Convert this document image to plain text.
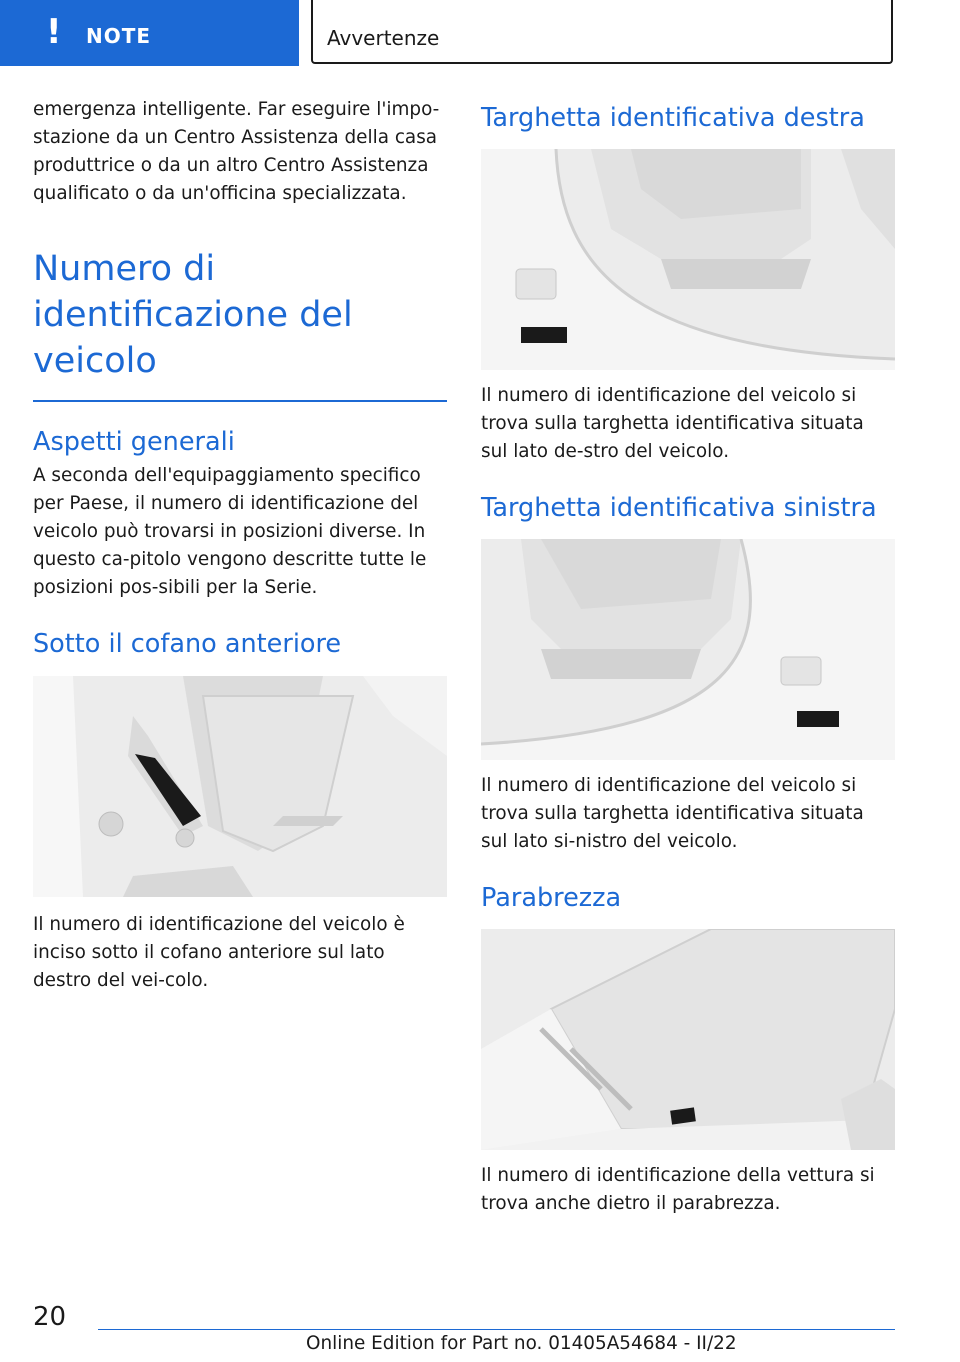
! NOTE	Avvertenze

emergenza intelligente. Far eseguire l'impo-stazione da un Centro Assistenza della casa produttrice o da un altro Centro Assistenza qualificato o da un'officina specializzata.

Numero di identificazione del veicolo
Aspetti generali

A seconda dell'equipaggiamento specifico per Paese, il numero di identificazione del veicolo può trovarsi in posizioni diverse. In questo ca-pitolo vengono descritte tutte le posizioni pos-sibili per la Serie.

Sotto il cofano anteriore

Il numero di identificazione del veicolo è inciso sotto il cofano anteriore sul lato destro del vei-colo.

Targhetta identificativa destra

Il numero di identificazione del veicolo si trova sulla targhetta identificativa situata sul lato de-stro del veicolo.

Targhetta identificativa sinistra

Il numero di identificazione del veicolo si trova sulla targhetta identificativa situata sul lato si-nistro del veicolo.

Parabrezza

Il numero di identificazione della vettura si trova anche dietro il parabrezza.

20
Online Edition for Part no. 01405A54684 - II/22
